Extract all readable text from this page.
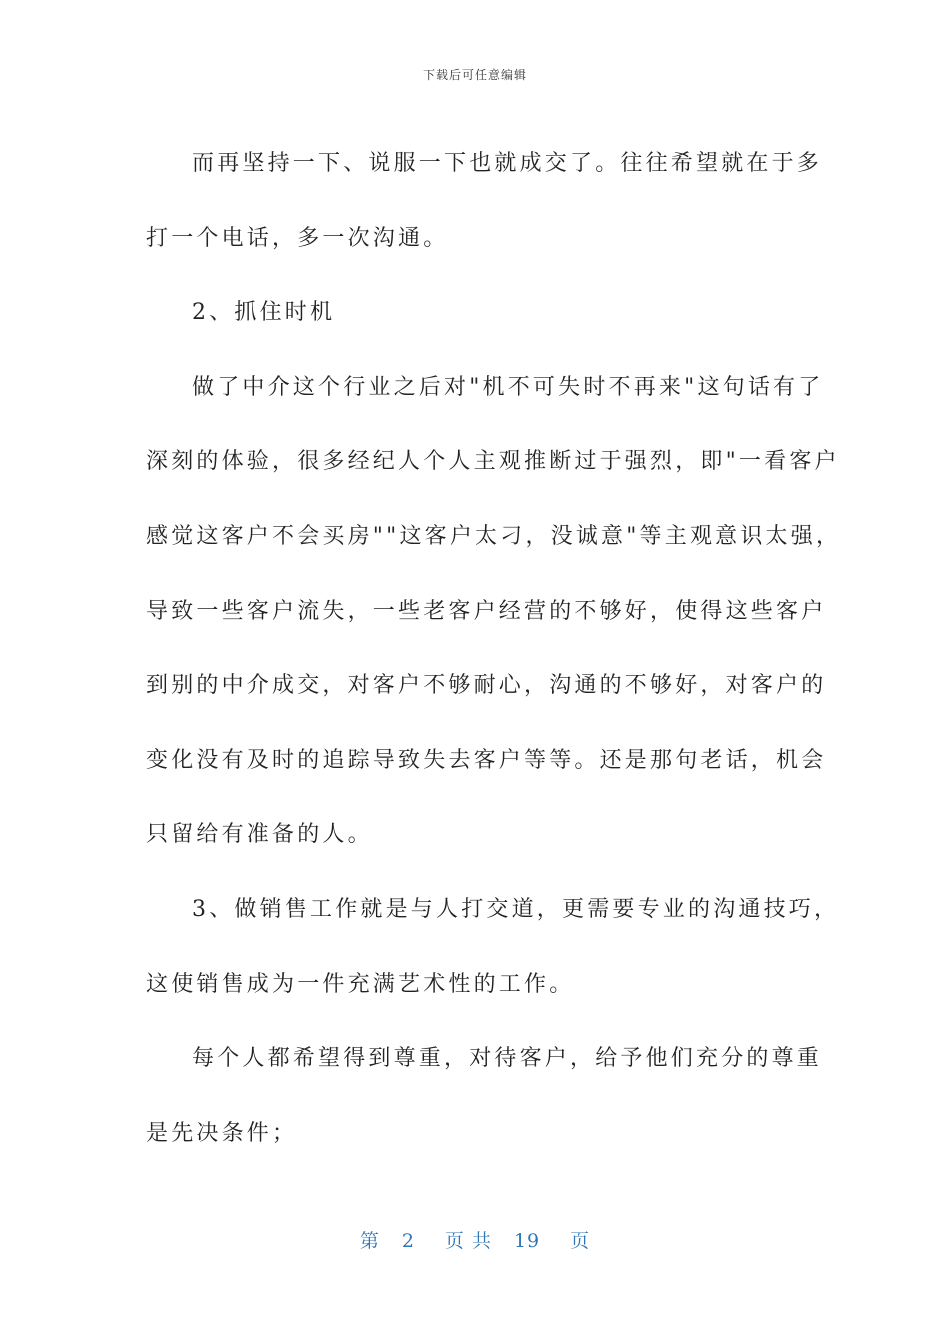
下载后可任意编辑
而再坚持一下、说服一下也就成交了。往往希望就在于多
打一个电话，多一次沟通。
2、抓住时机
做了中介这个行业之后对"机不可失时不再来"这句话有了
深刻的体验，很多经纪人个人主观推断过于强烈，即"一看客户
感觉这客户不会买房""这客户太刁，没诚意"等主观意识太强，
导致一些客户流失，一些老客户经营的不够好，使得这些客户
到别的中介成交，对客户不够耐心，沟通的不够好，对客户的
变化没有及时的追踪导致失去客户等等。还是那句老话，机会
只留给有准备的人。
3、做销售工作就是与人打交道，更需要专业的沟通技巧，
这使销售成为一件充满艺术性的工作。
每个人都希望得到尊重，对待客户，给予他们充分的尊重
是先决条件；
第 2 页 共 19 页
